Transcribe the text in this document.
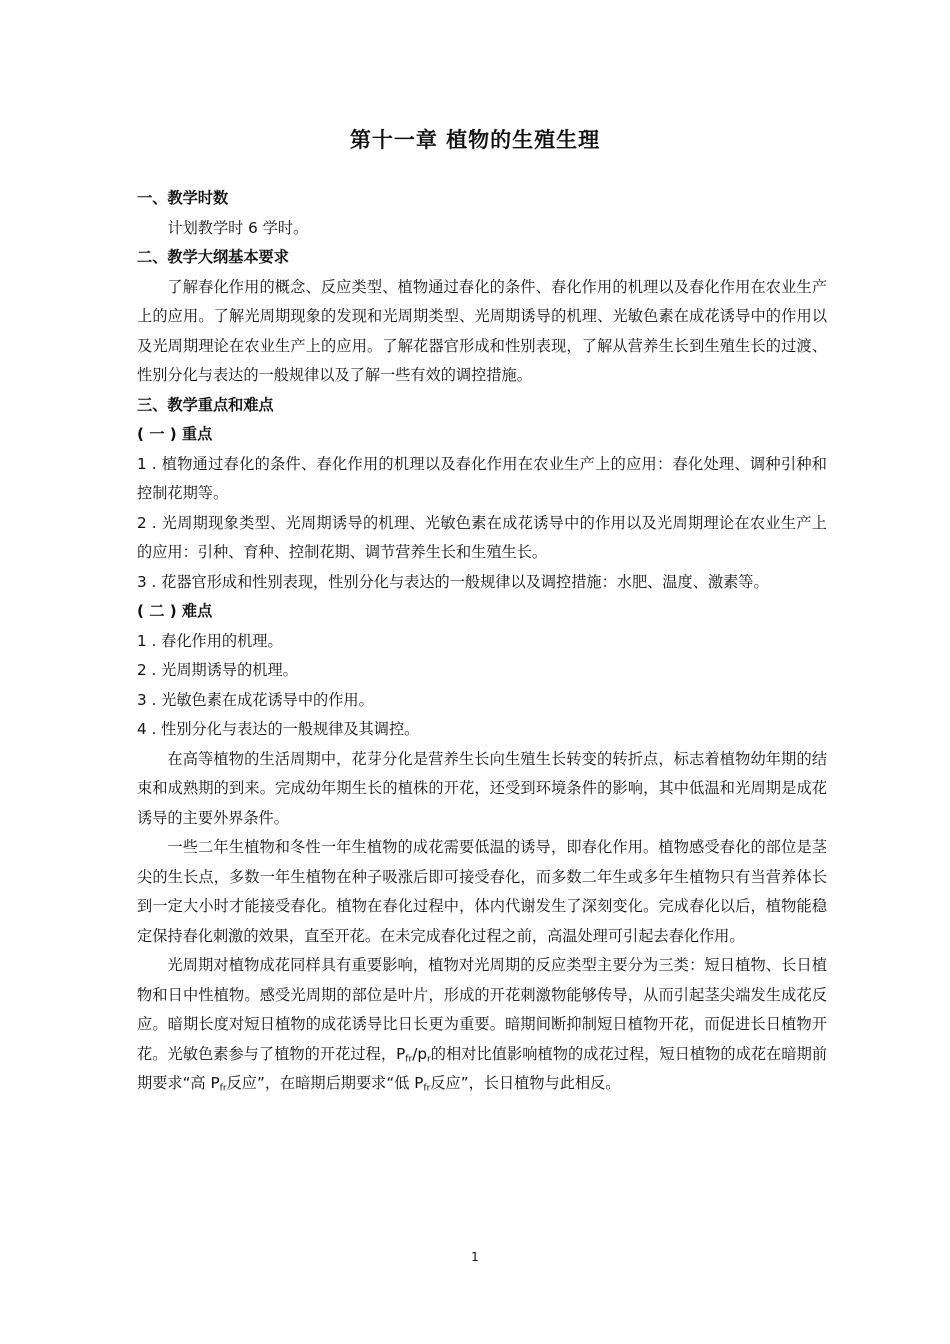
第十一章 植物的生殖生理

一、教学时数

计划教学时 6 学时。

二、教学大纲基本要求

了解春化作用的概念、反应类型、植物通过春化的条件、春化作用的机理以及春化作用在农业生产上的应用。了解光周期现象的发现和光周期类型、光周期诱导的机理、光敏色素在成花诱导中的作用以及光周期理论在农业生产上的应用。了解花器官形成和性别表现，了解从营养生长到生殖生长的过渡、性别分化与表达的一般规律以及了解一些有效的调控措施。

三、教学重点和难点

( 一 ) 重点

1 . 植物通过春化的条件、春化作用的机理以及春化作用在农业生产上的应用：春化处理、调种引种和控制花期等。

2 . 光周期现象类型、光周期诱导的机理、光敏色素在成花诱导中的作用以及光周期理论在农业生产上的应用：引种、育种、控制花期、调节营养生长和生殖生长。

3 . 花器官形成和性别表现，性别分化与表达的一般规律以及调控措施：水肥、温度、激素等。

( 二 ) 难点

1 . 春化作用的机理。

2 . 光周期诱导的机理。

3 . 光敏色素在成花诱导中的作用。

4 . 性别分化与表达的一般规律及其调控。

在高等植物的生活周期中，花芽分化是营养生长向生殖生长转变的转折点，标志着植物幼年期的结束和成熟期的到来。完成幼年期生长的植株的开花，还受到环境条件的影响，其中低温和光周期是成花诱导的主要外界条件。

一些二年生植物和冬性一年生植物的成花需要低温的诱导，即春化作用。植物感受春化的部位是茎尖的生长点，多数一年生植物在种子吸涨后即可接受春化，而多数二年生或多年生植物只有当营养体长到一定大小时才能接受春化。植物在春化过程中，体内代谢发生了深刻变化。完成春化以后，植物能稳定保持春化刺激的效果，直至开花。在未完成春化过程之前，高温处理可引起去春化作用。

光周期对植物成花同样具有重要影响，植物对光周期的反应类型主要分为三类：短日植物、长日植物和日中性植物。感受光周期的部位是叶片，形成的开花刺激物能够传导，从而引起茎尖端发生成花反应。暗期长度对短日植物的成花诱导比日长更为重要。暗期间断抑制短日植物开花，而促进长日植物开花。光敏色素参与了植物的开花过程，$P_{fr}/p_r$的相对比值影响植物的成花过程，短日植物的成花在暗期前期要求“高 $P_{fr}$反应”，在暗期后期要求“低 $P_{fr}$反应”，长日植物与此相反。

1
